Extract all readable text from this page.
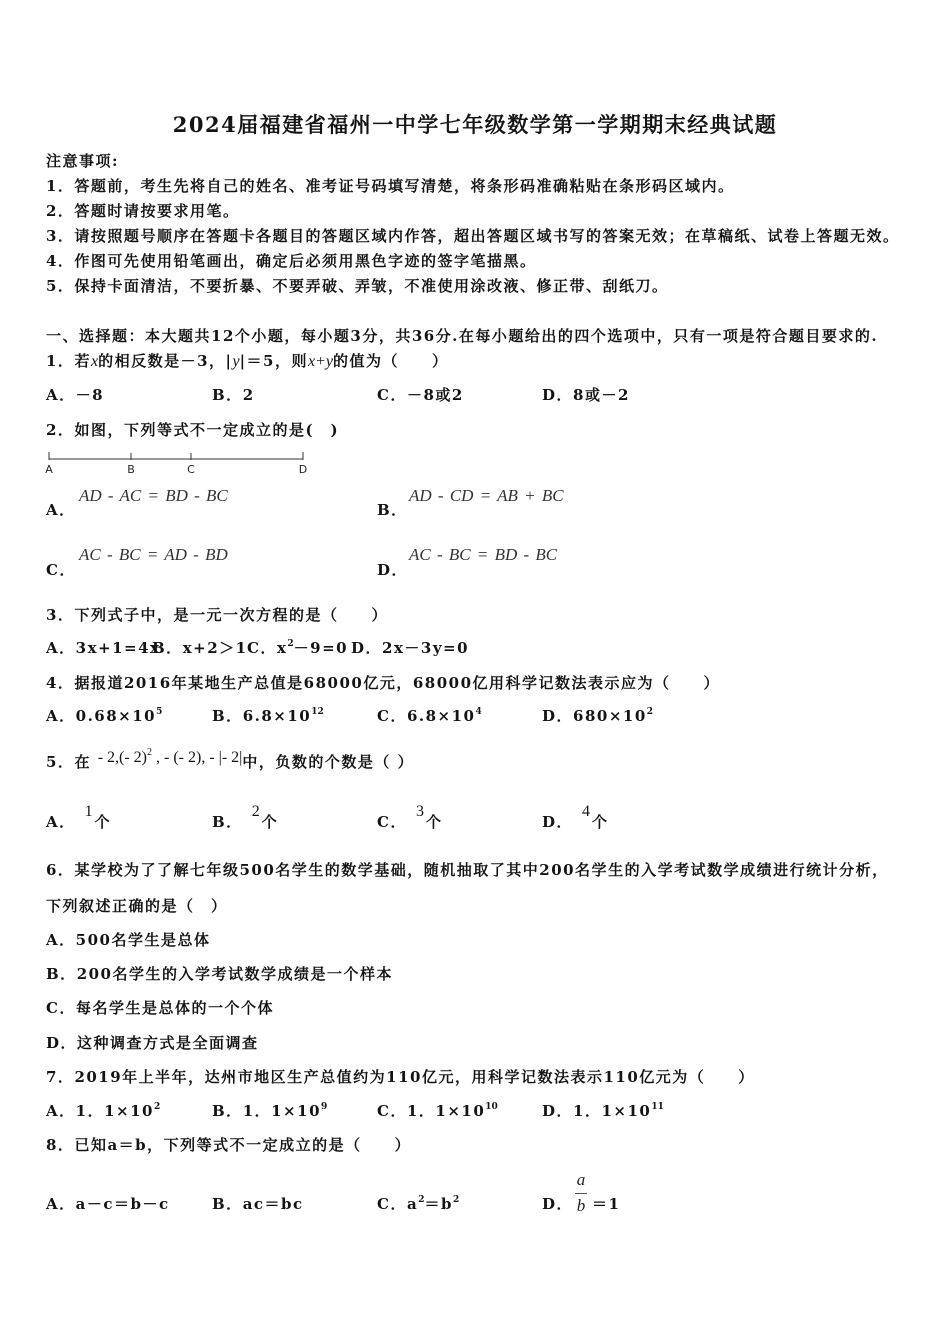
2024届福建省福州一中学七年级数学第一学期期末经典试题
注意事项:
1．答题前，考生先将自己的姓名、准考证号码填写清楚，将条形码准确粘贴在条形码区域内。
2．答题时请按要求用笔。
3．请按照题号顺序在答题卡各题目的答题区域内作答，超出答题区域书写的答案无效；在草稿纸、试卷上答题无效。
4．作图可先使用铅笔画出，确定后必须用黑色字迹的签字笔描黑。
5．保持卡面清洁，不要折暴、不要弄破、弄皱，不准使用涂改液、修正带、刮纸刀。
一、选择题：本大题共12个小题，每小题3分，共36分.在每小题给出的四个选项中，只有一项是符合题目要求的.
1．若x的相反数是－3，|y|＝5，则x+y的值为（　　）
A．－8	B．2	C．－8或2	D．8或－2
2．如图，下列等式不一定成立的是(　)
A	B	C	D
A．
AD - AC = BD - BC
B．
AD - CD = AB + BC
C．
AC - BC = AD - BD
D．
AC - BC = BD - BC
3．下列式子中，是一元一次方程的是（　　）
A．3x+1=4x
B．x+2＞1 C．$x^2-9=0$ D．2x－3y=0
4．据报道2016年某地生产总值是68000亿元，68000亿用科学记数法表示应为（　　）
A．$0.68\times 10^5$	B．$6.8\times 10^{12}$	C．$6.8\times 10^4$	D．$680\times 10^2$
5．在 - 2,(- 2)$^2$ , - (- 2), - |- 2|中，负数的个数是（ ）
A．1个	B．2个	C．3个	D．4个
6．某学校为了了解七年级500名学生的数学基础，随机抽取了其中200名学生的入学考试数学成绩进行统计分析，
下列叙述正确的是（　）
A．500名学生是总体
B．200名学生的入学考试数学成绩是一个样本
C．每名学生是总体的一个个体
D．这种调查方式是全面调查
7．2019年上半年，达州市地区生产总值约为110亿元，用科学记数法表示110亿元为（　　）
A．1．$1\times 10^2$	B．1．$1\times 10^9$	C．1．$1\times 10^{10}$	D．1．$1\times 10^{11}$
8．已知a＝b，下列等式不一定成立的是（　　）
A．a－c＝b－c	B．ac＝bc	C．$a^2=b^2$	D．
a
b ＝1
